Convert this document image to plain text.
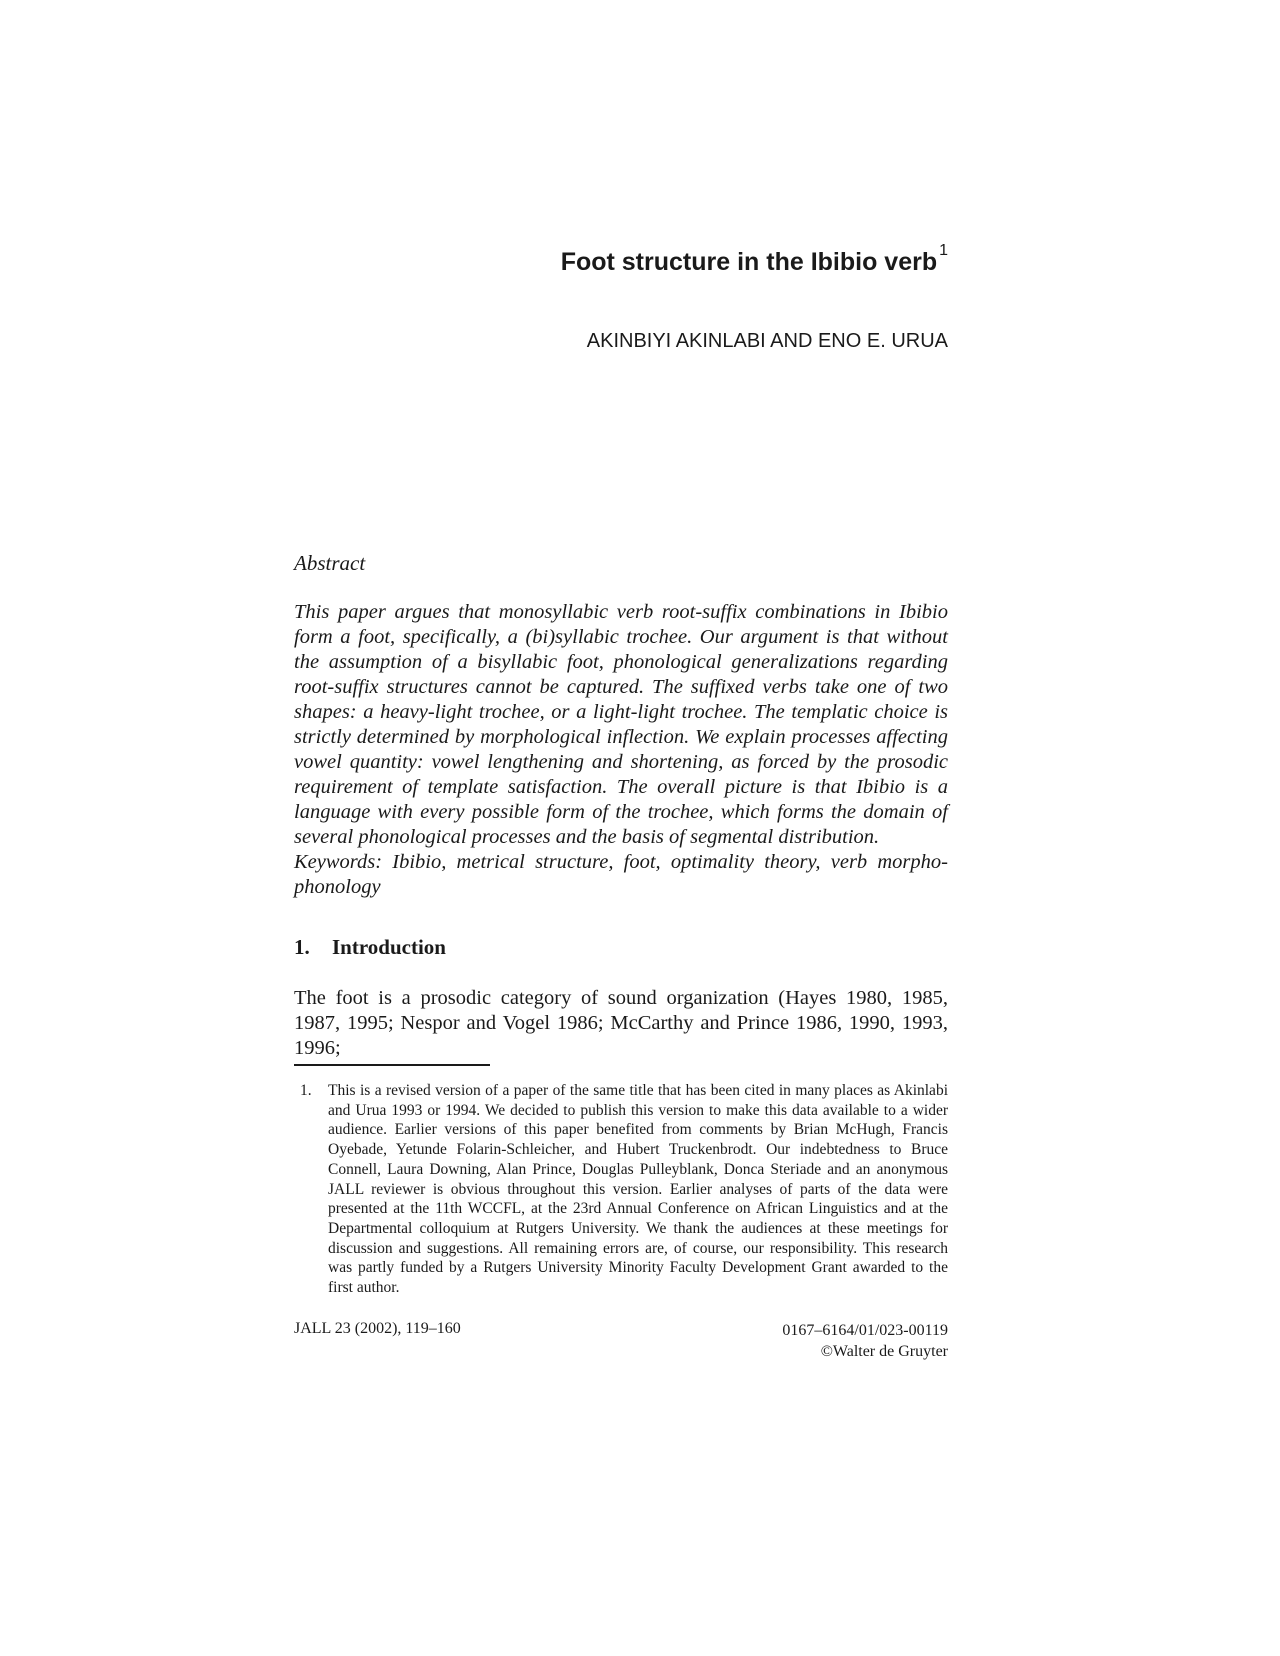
Foot structure in the Ibibio verb $^1$
AKINBIYI AKINLABI AND ENO E. URUA
Abstract
This paper argues that monosyllabic verb root-suffix combinations in Ibibio form a foot, specifically, a (bi)syllabic trochee. Our argument is that without the assumption of a bisyllabic foot, phonological generalizations regarding root-suffix structures cannot be captured. The suffixed verbs take one of two shapes: a heavy-light trochee, or a light-light trochee. The templatic choice is strictly determined by morphological inflection. We explain processes affecting vowel quantity: vowel lengthening and shortening, as forced by the prosodic requirement of template satisfaction. The overall picture is that Ibibio is a language with every possible form of the trochee, which forms the domain of several phonological processes and the basis of segmental distribution.
Keywords: Ibibio, metrical structure, foot, optimality theory, verb morphophonology
1. Introduction
The foot is a prosodic category of sound organization (Hayes 1980, 1985, 1987, 1995; Nespor and Vogel 1986; McCarthy and Prince 1986, 1990, 1993, 1996;
1. This is a revised version of a paper of the same title that has been cited in many places as Akinlabi and Urua 1993 or 1994. We decided to publish this version to make this data available to a wider audience. Earlier versions of this paper benefited from comments by Brian McHugh, Francis Oyebade, Yetunde Folarin-Schleicher, and Hubert Truckenbrodt. Our indebtedness to Bruce Connell, Laura Downing, Alan Prince, Douglas Pulleyblank, Donca Steriade and an anonymous JALL reviewer is obvious throughout this version. Earlier analyses of parts of the data were presented at the 11th WCCFL, at the 23rd Annual Conference on African Linguistics and at the Departmental colloquium at Rutgers University. We thank the audiences at these meetings for discussion and suggestions. All remaining errors are, of course, our responsibility. This research was partly funded by a Rutgers University Minority Faculty Development Grant awarded to the first author.
JALL 23 (2002), 119–160	0167–6164/01/023-00119
©Walter de Gruyter
